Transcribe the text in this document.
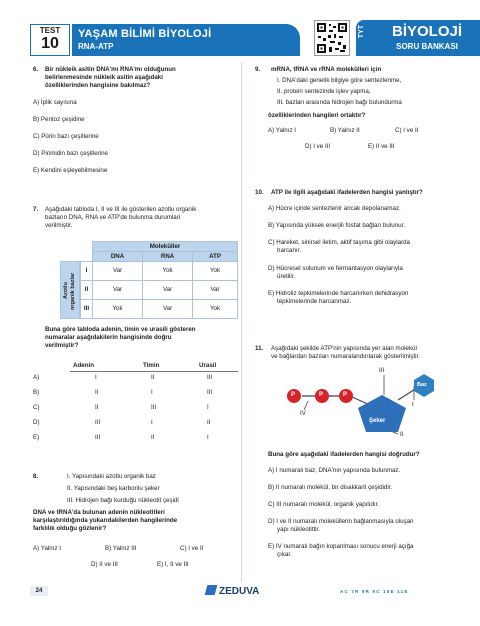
TEST
10
YAŞAM BİLİMİ BİYOLOJİ
RNA-ATP
TYT	BİYOLOJİ
SORU BANKASI
6. Bir nükleik asitin DNA'mı RNA'mı olduğunun
belirlenmesinde nükleik asitin aşağıdaki
özelliklerinden hangisine bakılmaz?
A) İplik sayısına
B) Pentoz çeşidine
C) Pürin bazı çeşitlerine
D) Pirimidin bazı çeşitlerine
E) Kendini eşleyebilmesine
7. Aşağıdaki tabloda I, II ve III ile gösterilen azotlu organik
bazların DNA, RNA ve ATP'de bulunma durumları
verilmiştir.
Azotlu
organik bazlar
	Moleküller		
	DNA	RNA	ATP
I	Var	Yok	Yok
II	Var	Var	Var
III	Yok	Var	Yok
Buna göre tabloda adenin, timin ve urasili gösteren
numaralar aşağıdakilerin hangisinde doğru
verilmiştir?
Adenin	Timin	Urasil
A)	I	II	III
B)	II	I	III
C)	II	III	I
D)	III	I	II
E)	III	II	I
8.	I. Yapısındaki azotlu organik baz
II. Yapısındaki beş karbonlu şeker
III. Hidrojen bağı kurduğu nükleotit çeşidi
DNA ve tRNA'da bulunan adenin nükleotitleri
karşılaştırıldığında yukarıdakilerden hangilerinde
farklılık olduğu gözlenir?
A) Yalnız I	B) Yalnız III	C) I ve II
D) II ve III	E) I, II ve III
9. mRNA, tRNA ve rRNA molekülleri için
I. DNA'daki genetik bilgiye göre sentezlenme,
II. protein sentezinde işlev yapma,
III. bazları arasında hidrojen bağı bulundurma
özelliklerinden hangileri ortaktır?
A) Yalnız I	B) Yalnız II	C) I ve II
D) I ve III	E) II ve III
10. ATP ile ilgili aşağıdaki ifadelerden hangisi yanlıştır?
A) Hücre içinde sentezlenir ancak depolanamaz.
B) Yapısında yüksek enerjili fosfat bağları bulunur.
C) Hareket, sinirsel iletim, aktif taşıma gibi olaylarda
harcanır.
D) Hücresel solunum ve fermantasyon olaylarıyla
üretilir.
E) Hidroliz tepkimelerinde harcanırken dehidrasyon
tepkimelerinde harcanmaz.
11. Aşağıdaki şekilde ATP'nin yapısında yer alan molekül
ve bağlardan bazıları numaralandırılarak gösterilmiştir.
P	P	P
Şeker
Baz
I
II
III
IV
Buna göre aşağıdaki ifadelerden hangisi doğrudur?
A) I numaralı baz, DNA'nın yapısında bulunmaz.
B) II numaralı molekül, bir disakkarit çeşididir.
C) III numaralı molekül, organik yapılıdır.
D) I ve II numaralı moleküllerin bağlanmasıyla oluşan
yapı nükleotittir.
E) IV numaralı bağın kopanlması sonucu enerji açığa
çıkar.
24	ZEDUVA	AC 7R 9R 9C 10E 11E
